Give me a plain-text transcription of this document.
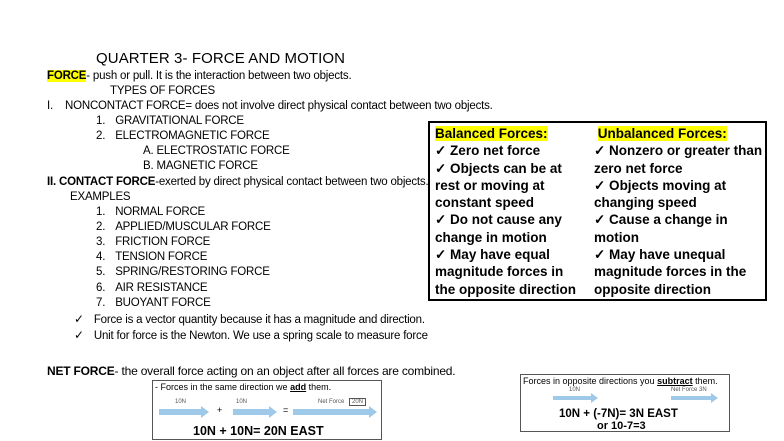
QUARTER 3- FORCE AND MOTION
FORCE- push or pull. It is the interaction between two objects.
TYPES OF FORCES
I. NONCONTACT FORCE= does not involve direct physical contact between two objects.
1. GRAVITATIONAL FORCE
2. ELECTROMAGNETIC FORCE
A. ELECTROSTATIC FORCE
B. MAGNETIC FORCE
II. CONTACT FORCE-exerted by direct physical contact between two objects.
EXAMPLES
1. NORMAL FORCE
2. APPLIED/MUSCULAR FORCE
3. FRICTION FORCE
4. TENSION FORCE
5. SPRING/RESTORING FORCE
6. AIR RESISTANCE
7. BUOYANT FORCE
✓ Force is a vector quantity because it has a magnitude and direction.
✓ Unit for force is the Newton. We use a spring scale to measure force
Balanced Forces:
✓ Zero net force
✓ Objects can be at
rest or moving at
constant speed
✓ Do not cause any
change in motion
✓ May have equal
magnitude forces in
the opposite direction
Unbalanced Forces:
✓ Nonzero or greater than
zero net force
✓ Objects moving at
changing speed
✓ Cause a change in
motion
✓ May have unequal
magnitude forces in the
opposite direction
NET FORCE- the overall force acting on an object after all forces are combined.
- Forces in the same direction we add them.
10N	10N	Net Force	20N
+	=
10N + 10N= 20N EAST
Forces in opposite directions you subtract them.
10N	Net Force 3N
10N + (-7N)= 3N EAST
or 10-7=3
